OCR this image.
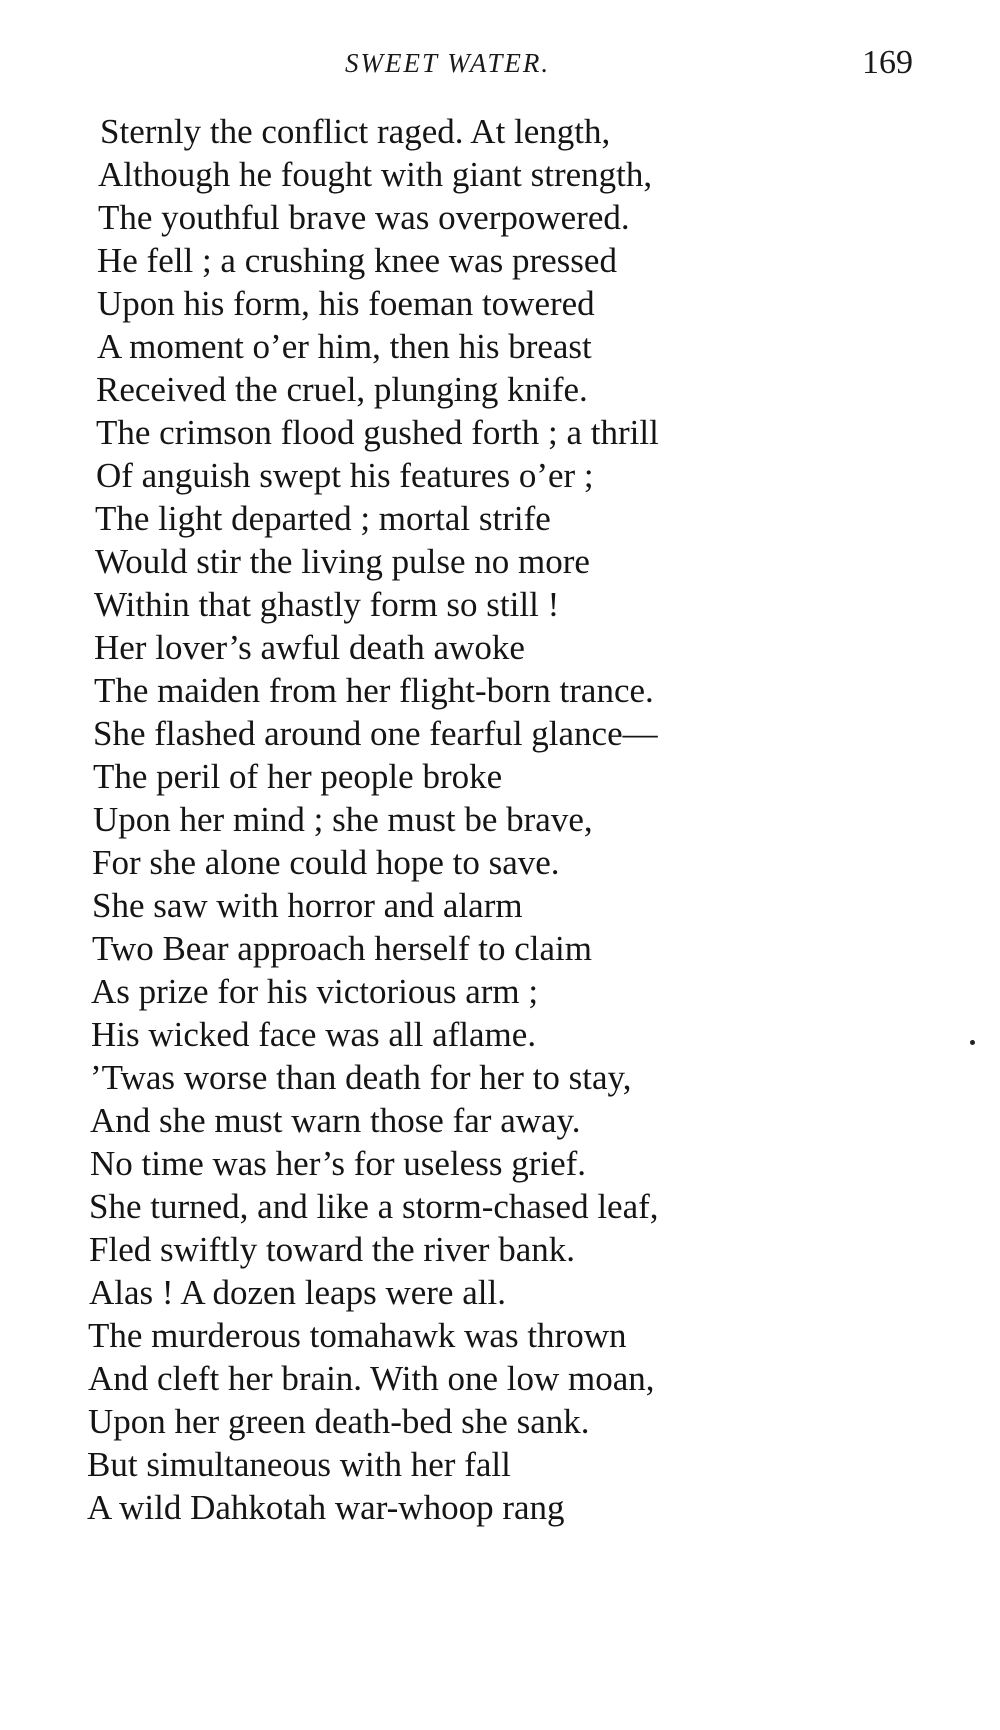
SWEET WATER.	169
Sternly the conflict raged. At length,
Although he fought with giant strength,
The youthful brave was overpowered.
He fell ; a crushing knee was pressed
Upon his form, his foeman towered
A moment o’er him, then his breast
Received the cruel, plunging knife.
The crimson flood gushed forth ; a thrill
Of anguish swept his features o’er ;
The light departed ; mortal strife
Would stir the living pulse no more
Within that ghastly form so still !
Her lover’s awful death awoke
The maiden from her flight-born trance.
She flashed around one fearful glance—
The peril of her people broke
Upon her mind ; she must be brave,
For she alone could hope to save.
She saw with horror and alarm
Two Bear approach herself to claim
As prize for his victorious arm ;
His wicked face was all aflame.
’Twas worse than death for her to stay,
And she must warn those far away.
No time was her’s for useless grief.
She turned, and like a storm-chased leaf,
Fled swiftly toward the river bank.
Alas ! A dozen leaps were all.
The murderous tomahawk was thrown
And cleft her brain. With one low moan,
Upon her green death-bed she sank.
But simultaneous with her fall
A wild Dahkotah war-whoop rang
